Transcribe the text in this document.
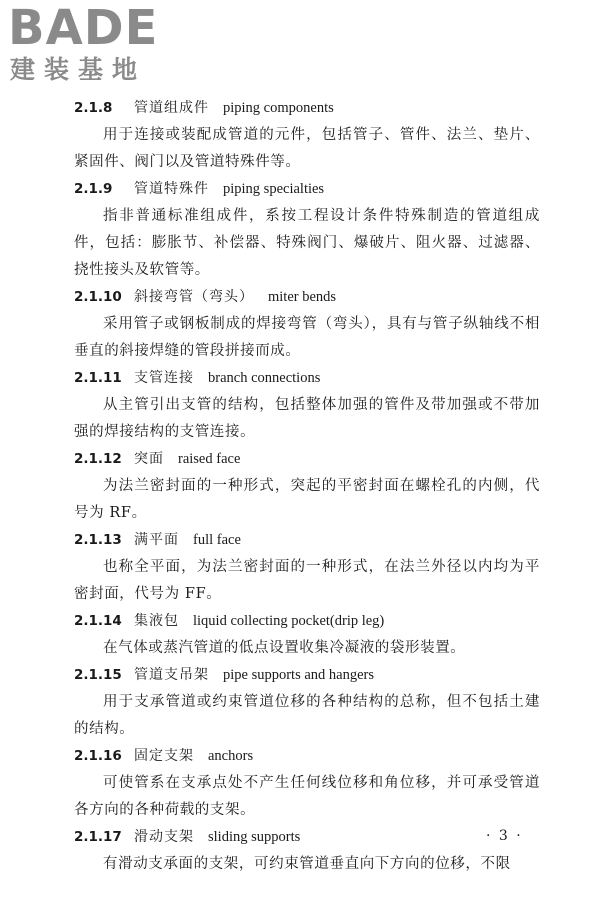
BADE
建装基地
2.1.8 管道组成件 piping components
用于连接或装配成管道的元件，包括管子、管件、法兰、垫片、紧固件、阀门以及管道特殊件等。
2.1.9 管道特殊件 piping specialties
指非普通标准组成件，系按工程设计条件特殊制造的管道组成件，包括：膨胀节、补偿器、特殊阀门、爆破片、阻火器、过滤器、挠性接头及软管等。
2.1.10 斜接弯管（弯头） miter bends
采用管子或钢板制成的焊接弯管（弯头），具有与管子纵轴线不相垂直的斜接焊缝的管段拼接而成。
2.1.11 支管连接 branch connections
从主管引出支管的结构，包括整体加强的管件及带加强或不带加强的焊接结构的支管连接。
2.1.12 突面 raised face
为法兰密封面的一种形式，突起的平密封面在螺栓孔的内侧，代号为 RF。
2.1.13 满平面 full face
也称全平面，为法兰密封面的一种形式，在法兰外径以内均为平密封面，代号为 FF。
2.1.14 集液包 liquid collecting pocket(drip leg)
在气体或蒸汽管道的低点设置收集冷凝液的袋形装置。
2.1.15 管道支吊架 pipe supports and hangers
用于支承管道或约束管道位移的各种结构的总称，但不包括土建的结构。
2.1.16 固定支架 anchors
可使管系在支承点处不产生任何线位移和角位移，并可承受管道各方向的各种荷载的支架。
2.1.17 滑动支架 sliding supports
有滑动支承面的支架，可约束管道垂直向下方向的位移，不限
· 3 ·
